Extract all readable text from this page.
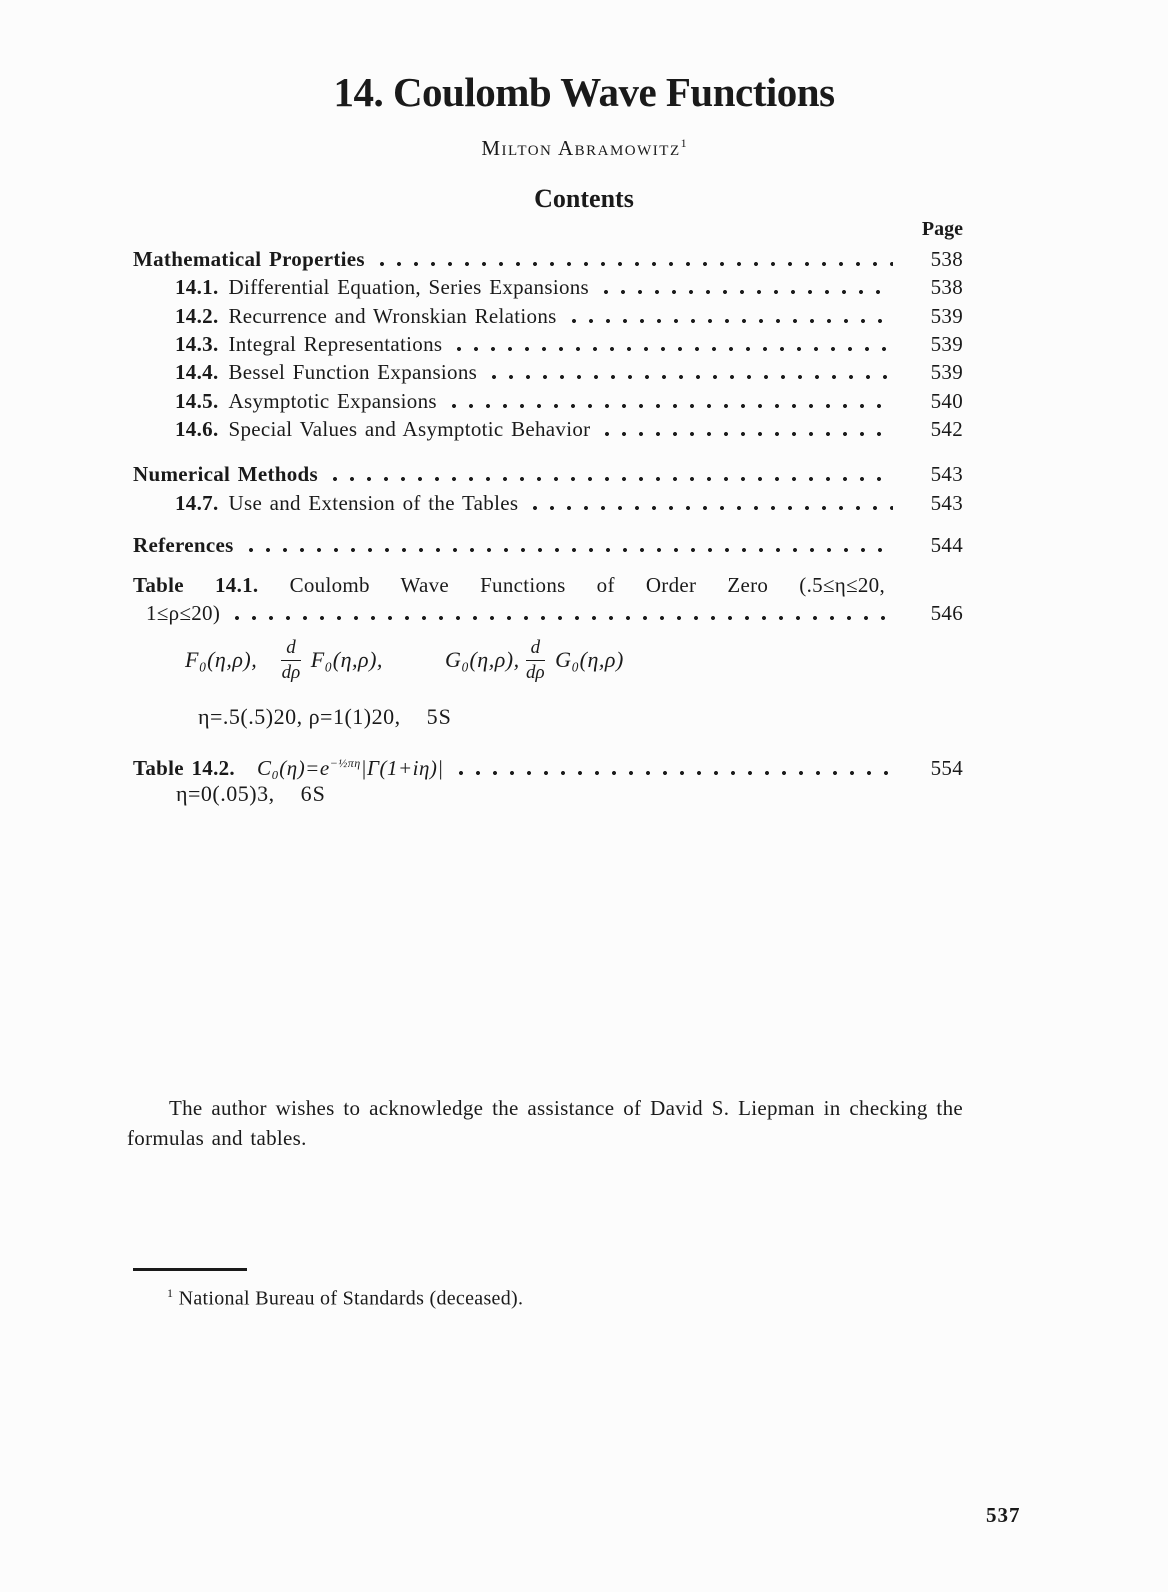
14. Coulomb Wave Functions
Milton Abramowitz$^1$
Contents
Page
Mathematical Properties	538
14.1. Differential Equation, Series Expansions	538
14.2. Recurrence and Wronskian Relations	539
14.3. Integral Representations	539
14.4. Bessel Function Expansions	539
14.5. Asymptotic Expansions	540
14.6. Special Values and Asymptotic Behavior	542
Numerical Methods	543
14.7. Use and Extension of the Tables	543
References	544
Table 14.1. Coulomb Wave Functions of Order Zero (.5≤η≤20,
1≤ρ≤20)	546
F₀(η,ρ), $\frac{d}{d\rho} F_0(\eta,\rho)$,	G₀(η,ρ), $\frac{d}{d\rho} G_0(\eta,\rho)$
η=.5(.5)20, ρ=1(1)20, 5S
Table 14.2. $C_0(\eta)=e^{-\frac{1}{2}\pi\eta}|\Gamma(1+i\eta)|$	554
η=0(.05)3, 6S
The author wishes to acknowledge the assistance of David S. Liepman in checking the formulas and tables.
$^1$ National Bureau of Standards (deceased).
537
